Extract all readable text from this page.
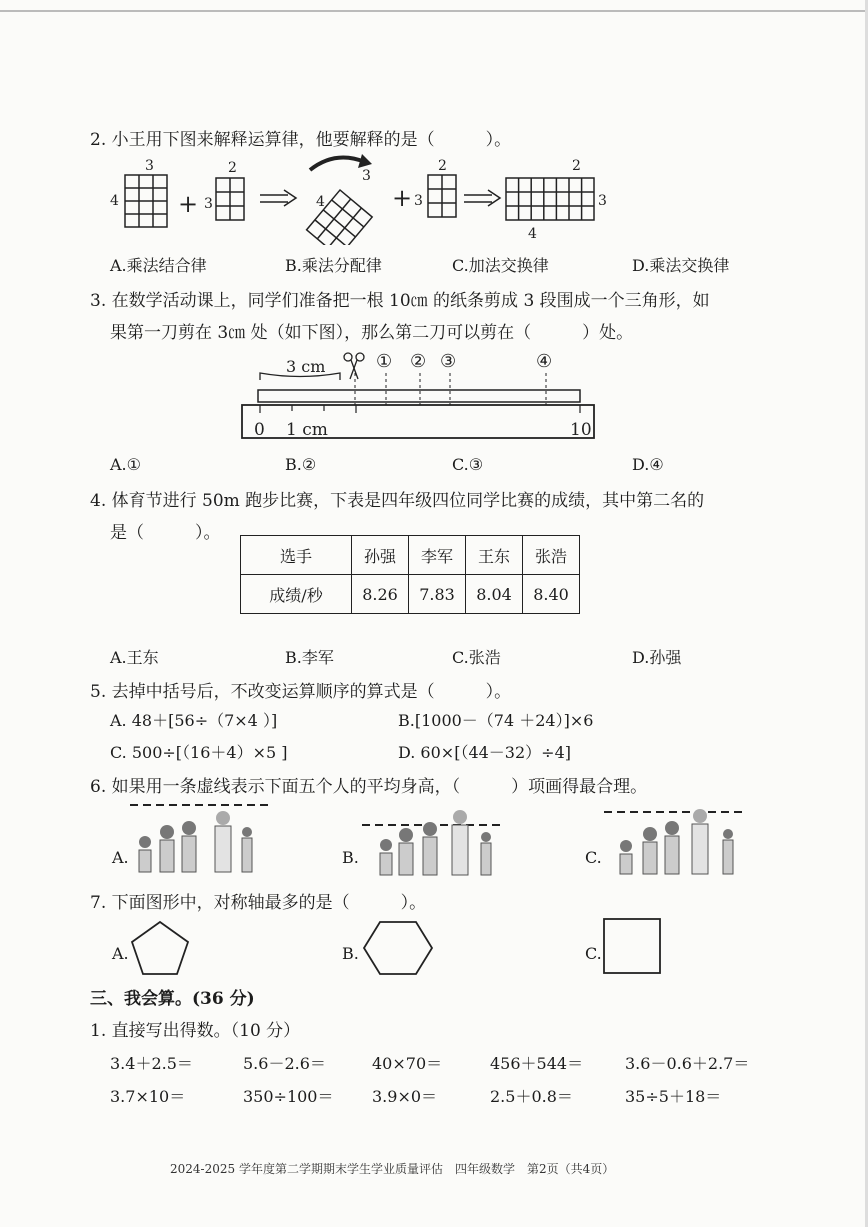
2. 小王用下图来解释运算律，他要解释的是（　　　）。
3
4 +
2
3	4
3
+
2
3
2
3
4
A.乘法结合律	B.乘法分配律	C.加法交换律	D.乘法交换律
3. 在数学活动课上，同学们准备把一根 10㎝ 的纸条剪成 3 段围成一个三角形，如
果第一刀剪在 3㎝ 处（如下图），那么第二刀可以剪在（　　　）处。
3 cm	① ② ③	④
0 1 cm	10
A.①	B.②	C.③	D.④
4. 体育节进行 50m 跑步比赛，下表是四年级四位同学比赛的成绩，其中第二名的
是（　　　）。
选手	孙强	李军	王东	张浩
成绩/秒	8.26	7.83	8.04	8.40
A.王东	B.李军	C.张浩	D.孙强
5. 去掉中括号后，不改变运算顺序的算式是（　　　）。
A. 48＋[56÷（7×4 ）]	B.[1000－（74 ＋24）]×6
C. 500÷[（16＋4）×5 ]	D. 60×[（44－32）÷4]
6. 如果用一条虚线表示下面五个人的平均身高，（　　　）项画得最合理。
A.	B.	C.
7. 下面图形中，对称轴最多的是（　　　）。
A.	B.	C.
三、我会算。(36 分)
1. 直接写出得数。（10 分）
3.4＋2.5＝	5.6－2.6＝	40×70＝	456＋544＝	3.6－0.6＋2.7＝
3.7×10＝	350÷100＝ 3.9×0＝	2.5＋0.8＝	35÷5＋18＝
2024-2025 学年度第二学期期末学生学业质量评估　四年级数学　第2页（共4页）
